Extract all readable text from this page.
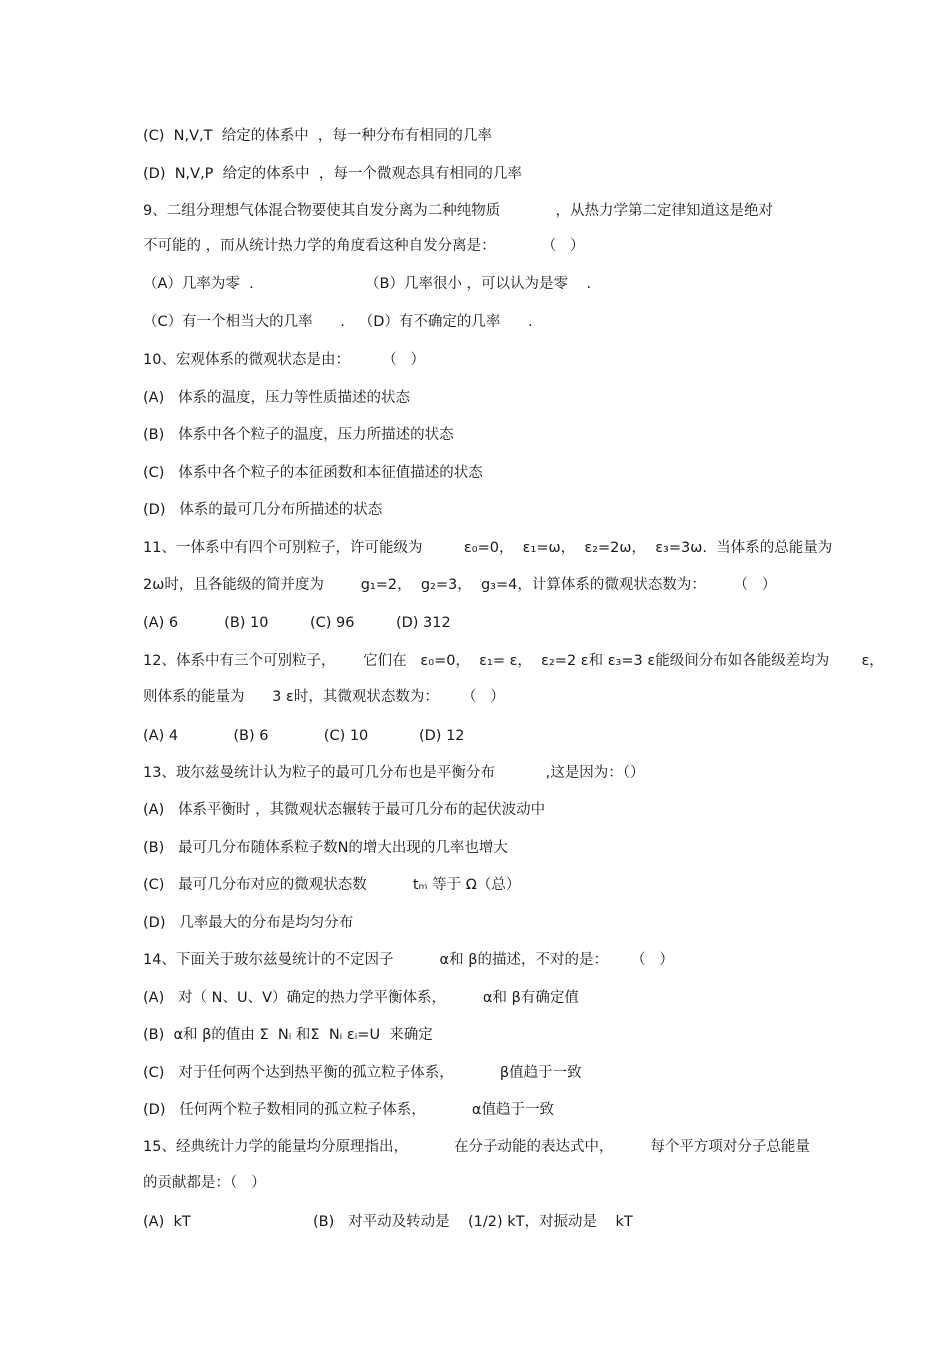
(C)  N,V,T  给定的体系中  ，每一种分布有相同的几率
(D)  N,V,P  给定的体系中  ，每一个微观态具有相同的几率
9、二组分理想气体混合物要使其自发分离为二种纯物质            ，从热力学第二定律知道这是绝对
不可能的 ，而从统计热力学的角度看这种自发分离是：          （   ）
（A）几率为零  .	（B）几率很小 ，可以认为是零    .
（C）有一个相当大的几率      .   （D）有不确定的几率      .
10、宏观体系的微观状态是由：       （   ）
(A)   体系的温度，压力等性质描述的状态
(B)   体系中各个粒子的温度，压力所描述的状态
(C)   体系中各个粒子的本征函数和本征值描述的状态
(D)   体系的最可几分布所描述的状态
11、一体系中有四个可别粒子，许可能级为         ε₀=0，  ε₁=ω，  ε₂=2ω，  ε₃=3ω.  当体系的总能量为
2ω时，且各能级的简并度为        g₁=2，  g₂=3，  g₃=4，计算体系的微观状态数为：      （   ）
(A) 6          (B) 10         (C) 96         (D) 312
12、体系中有三个可别粒子，      它们在   ε₀=0，  ε₁= ε，  ε₂=2 ε和 ε₃=3 ε能级间分布如各能级差均为       ε，
则体系的能量为      3 ε时，其微观状态数为：     （   ）
(A) 4            (B) 6            (C) 10           (D) 12
13、玻尔兹曼统计认为粒子的最可几分布也是平衡分布           ,这是因为：（）
(A)   体系平衡时 ，其微观状态辗转于最可几分布的起伏波动中
(B)   最可几分布随体系粒子数N的增大出现的几率也增大
(C)   最可几分布对应的微观状态数          tₘ 等于 Ω（总）
(D)   几率最大的分布是均匀分布
14、下面关于玻尔兹曼统计的不定因子          α和 β的描述，不对的是：     （   ）
(A)   对（ N、U、V）确定的热力学平衡体系，        α和 β有确定值
(B)  α和 β的值由 Σ  Nᵢ 和Σ  Nᵢ εᵢ=U  来确定
(C)   对于任何两个达到热平衡的孤立粒子体系，          β值趋于一致
(D)   任何两个粒子数相同的孤立粒子体系，          α值趋于一致
15、经典统计力学的能量均分原理指出，          在分子动能的表达式中，        每个平方项对分子总能量
的贡献都是：（   ）
(A)  kT	(B)   对平动及转动是    (1/2) kT，对振动是    kT
